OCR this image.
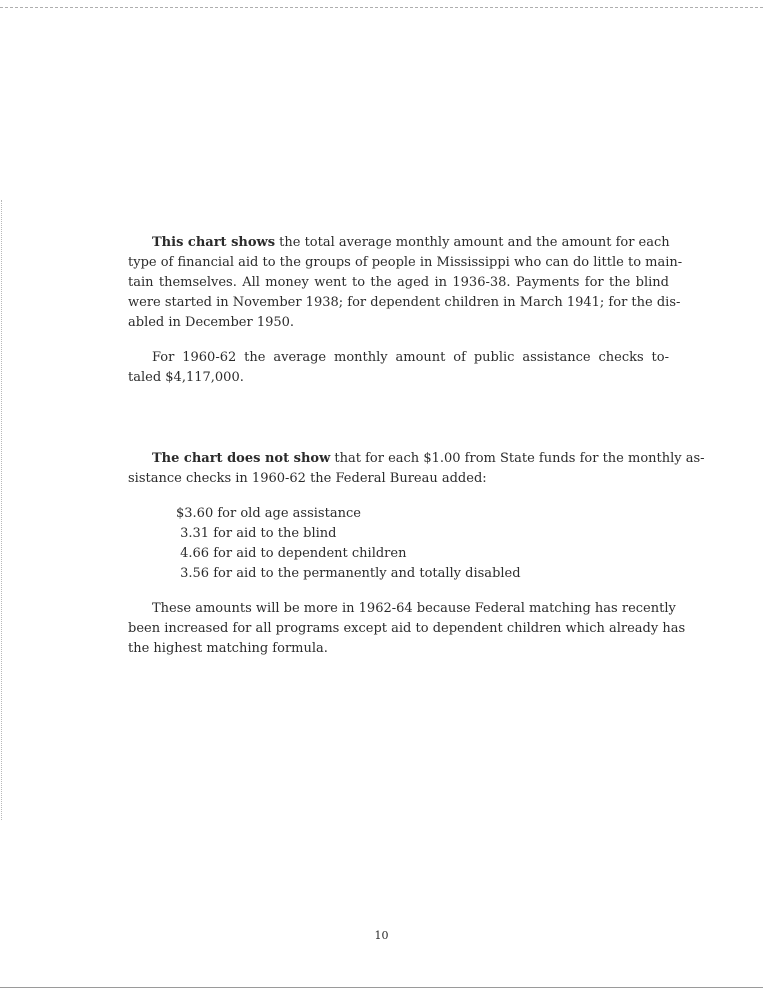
This chart shows the total average monthly amount and the amount for each
type of financial aid to the groups of people in Mississippi who can do little to main-
tain themselves. All money went to the aged in 1936-38. Payments for the blind
were started in November 1938; for dependent children in March 1941; for the dis-
abled in December 1950.
For 1960-62 the average monthly amount of public assistance checks to-
taled $4,117,000.
The chart does not show that for each $1.00 from State funds for the monthly as-
sistance checks in 1960-62 the Federal Bureau added:
$3.60 for old age assistance
3.31 for aid to the blind
4.66 for aid to dependent children
3.56 for aid to the permanently and totally disabled
These amounts will be more in 1962-64 because Federal matching has recently
been increased for all programs except aid to dependent children which already has
the highest matching formula.
10
